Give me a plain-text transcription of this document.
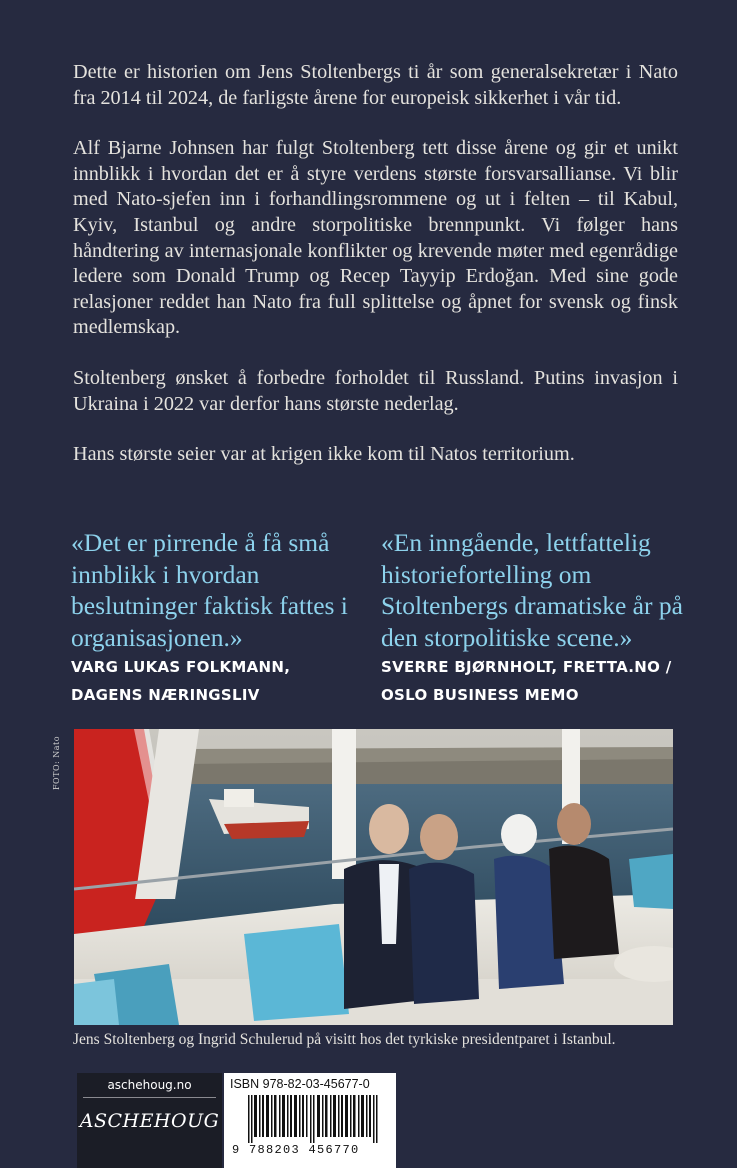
Dette er historien om Jens Stoltenbergs ti år som generalsekretær i Nato fra 2014 til 2024, de farligste årene for europeisk sikkerhet i vår tid.

Alf Bjarne Johnsen har fulgt Stoltenberg tett disse årene og gir et unikt innblikk i hvordan det er å styre verdens største forsvarsallianse. Vi blir med Nato-sjefen inn i forhandlingsrommene og ut i felten – til Kabul, Kyiv, Istanbul og andre storpolitiske brennpunkt. Vi følger hans håndtering av internasjonale konflikter og krevende møter med egenrådige ledere som Donald Trump og Recep Tayyip Erdoğan. Med sine gode relasjoner reddet han Nato fra full splittelse og åpnet for svensk og finsk medlemskap.

Stoltenberg ønsket å forbedre forholdet til Russland. Putins invasjon i Ukraina i 2022 var derfor hans største nederlag.

Hans største seier var at krigen ikke kom til Natos territorium.

«Det er pirrende å få små innblikk i hvordan beslutninger faktisk fattes i organisasjonen.»
VARG LUKAS FOLKMANN,
DAGENS NÆRINGSLIV
«En inngående, lettfattelig historiefortelling om Stoltenbergs dramatiske år på den storpolitiske scene.»
SVERRE BJØRNHOLT, FRETTA.NO /
OSLO BUSINESS MEMO
FOTO: Nato
Jens Stoltenberg og Ingrid Schulerud på visitt hos det tyrkiske presidentparet i Istanbul.
aschehoug.no
ASCHEHOUG
ISBN 978-82-03-45677-0
9 788203 456770
